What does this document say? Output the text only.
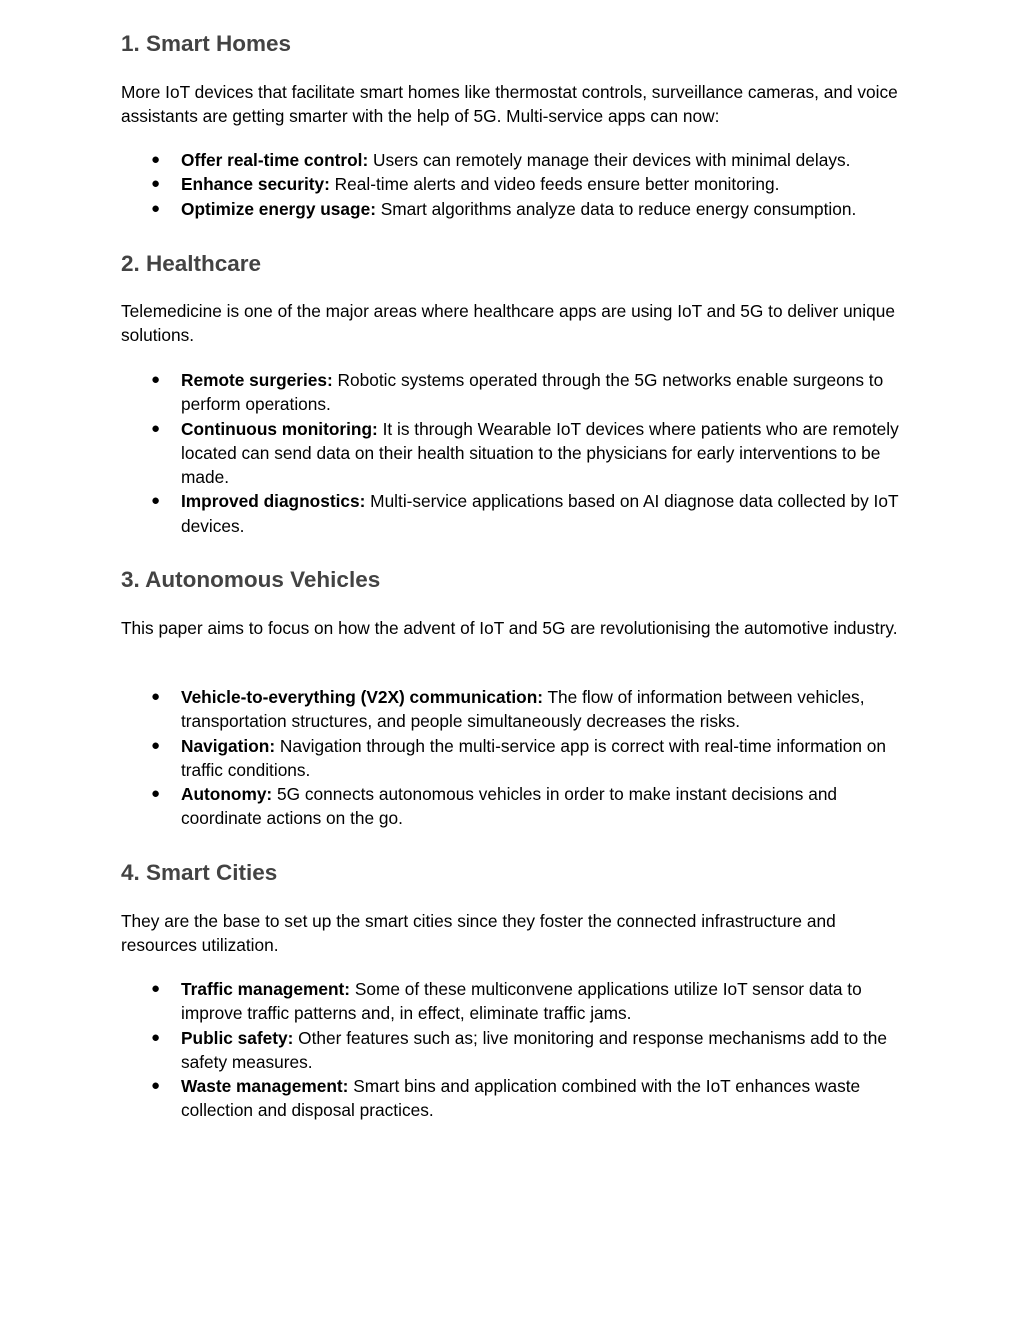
1. Smart Homes

More IoT devices that facilitate smart homes like thermostat controls, surveillance cameras, and voice assistants are getting smarter with the help of 5G. Multi-service apps can now:

● Offer real-time control: Users can remotely manage their devices with minimal delays.
● Enhance security: Real-time alerts and video feeds ensure better monitoring.
● Optimize energy usage: Smart algorithms analyze data to reduce energy consumption.
2. Healthcare

Telemedicine is one of the major areas where healthcare apps are using IoT and 5G to deliver unique solutions.

● Remote surgeries: Robotic systems operated through the 5G networks enable surgeons to perform operations.
● Continuous monitoring: It is through Wearable IoT devices where patients who are remotely located can send data on their health situation to the physicians for early interventions to be made.
● Improved diagnostics: Multi-service applications based on AI diagnose data collected by IoT devices.
3. Autonomous Vehicles

This paper aims to focus on how the advent of IoT and 5G are revolutionising the automotive industry.

● Vehicle-to-everything (V2X) communication: The flow of information between vehicles, transportation structures, and people simultaneously decreases the risks.
● Navigation: Navigation through the multi-service app is correct with real-time information on traffic conditions.
● Autonomy: 5G connects autonomous vehicles in order to make instant decisions and coordinate actions on the go.
4. Smart Cities

They are the base to set up the smart cities since they foster the connected infrastructure and resources utilization.

● Traffic management: Some of these multiconvene applications utilize IoT sensor data to improve traffic patterns and, in effect, eliminate traffic jams.
● Public safety: Other features such as; live monitoring and response mechanisms add to the safety measures.
● Waste management: Smart bins and application combined with the IoT enhances waste collection and disposal practices.
